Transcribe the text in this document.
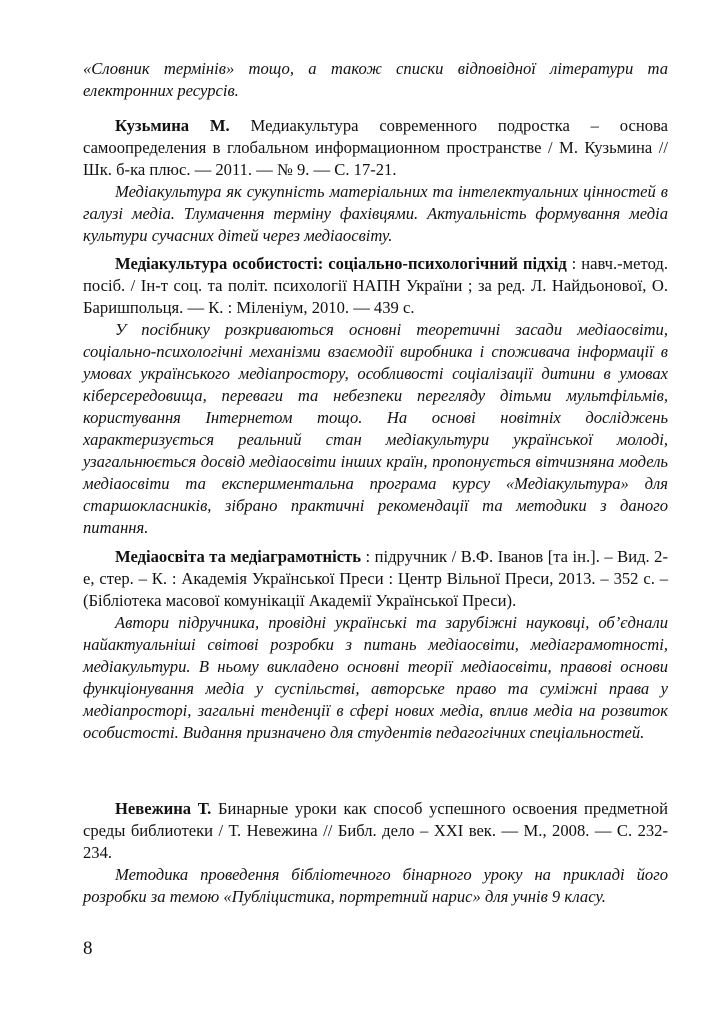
«Словник термінів» тощо, а також списки відповідної літератури та електронних ресурсів.

Кузьмина М. Медиакультура современного подростка – основа самоопределения в глобальном информационном пространстве / М. Кузьмина // Шк. б-ка плюс. — 2011. — № 9. — С. 17-21.

Медіакультура як сукупність матеріальних та інтелектуальних цінностей в галузі медіа. Тлумачення терміну фахівцями. Актуальність формування медіа культури сучасних дітей через медіаосвіту.

Медіакультура особистості: соціально-психологічний підхід : навч.-метод. посіб. / Ін-т соц. та політ. психології НАПН України ; за ред. Л. Найдьонової, О. Баришпольця. — К. : Мiлeнiум, 2010. — 439 с.

У посібнику розкриваються основні теоретичні засади медіаосвіти, соціально-психологічні механізми взаємодії виробника і споживача інформації в умовах українського медіапростору, особливості соціалізації дитини в умовах кіберсередовища, переваги та небезпеки перегляду дітьми мультфільмів, користування Інтернетом тощо. На основі новітніх досліджень характеризується реальний стан медіакультури української молоді, узагальнюється досвід медіаосвіти інших країн, пропонується вітчизняна модель медіаосвіти та експериментальна програма курсу «Медіакультура» для старшокласників, зібрано практичні рекомендації та методики з даного питання.

Медіаосвіта та медіаграмотність : підручник / В.Ф. Іванов [та ін.]. – Вид. 2-е, стер. – К. : Академія Української Преси : Центр Вільної Преси, 2013. – 352 с. – (Бібліотека масової комунікації Академії Української Преси).

Автори підручника, провідні українські та зарубіжні науковці, об’єднали найактуальніші світові розробки з питань медіаосвіти, медіаграмотності, медіакультури. В ньому викладено основні теорії медіаосвіти, правові основи функціонування медіа у суспільстві, авторське право та суміжні права у медіапросторі, загальні тенденції в сфері нових медіа, вплив медіа на розвиток особистості. Видання призначено для студентів педагогічних спеціальностей.

Невежина Т. Бинарные уроки как способ успешного освоения предметной среды библиотеки / Т. Невежина // Библ. дело – XXI век. — М., 2008. — С. 232-234.

Методика проведення бібліотечного бінарного уроку на прикладі його розробки за темою «Публіцистика, портретний нарис» для учнів 9 класу.

8
